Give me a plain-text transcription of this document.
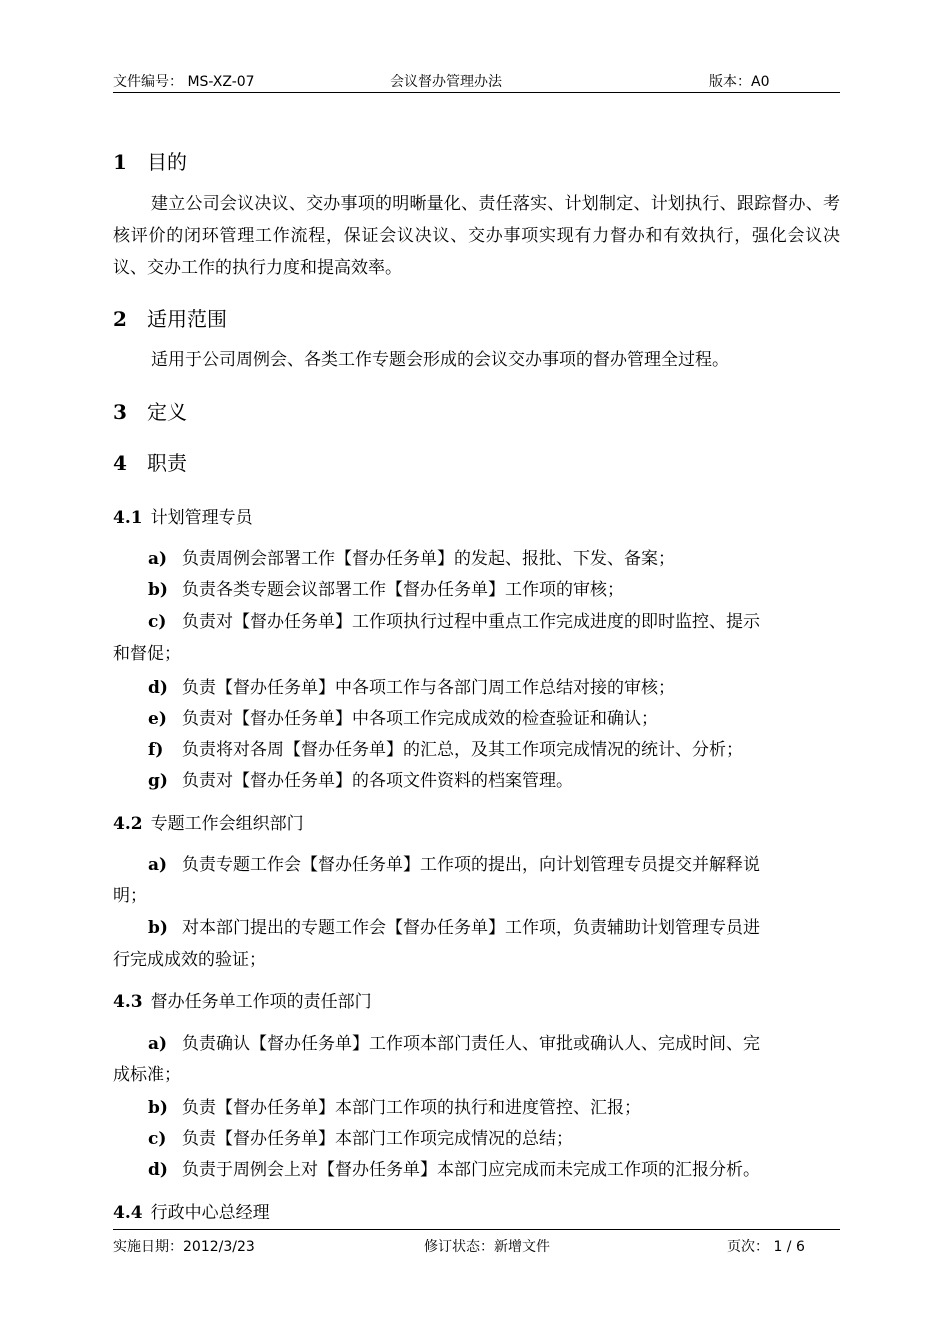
文件编号： MS-XZ-07	会议督办管理办法	版本：A0
1 目的
建立公司会议决议、交办事项的明晰量化、责任落实、计划制定、计划执行、跟踪督办、考核评价的闭环管理工作流程，保证会议决议、交办事项实现有力督办和有效执行，强化会议决议、交办工作的执行力度和提高效率。
2 适用范围
适用于公司周例会、各类工作专题会形成的会议交办事项的督办管理全过程。
3 定义
4 职责
4.1 计划管理专员
a) 负责周例会部署工作【督办任务单】的发起、报批、下发、备案；
b) 负责各类专题会议部署工作【督办任务单】工作项的审核；
c) 负责对【督办任务单】工作项执行过程中重点工作完成进度的即时监控、提示
和督促；
d) 负责【督办任务单】中各项工作与各部门周工作总结对接的审核；
e) 负责对【督办任务单】中各项工作完成成效的检查验证和确认；
f) 负责将对各周【督办任务单】的汇总，及其工作项完成情况的统计、分析；
g) 负责对【督办任务单】的各项文件资料的档案管理。
4.2 专题工作会组织部门
a) 负责专题工作会【督办任务单】工作项的提出，向计划管理专员提交并解释说
明；
b) 对本部门提出的专题工作会【督办任务单】工作项，负责辅助计划管理专员进
行完成成效的验证；
4.3 督办任务单工作项的责任部门
a) 负责确认【督办任务单】工作项本部门责任人、审批或确认人、完成时间、完
成标准；
b) 负责【督办任务单】本部门工作项的执行和进度管控、汇报；
c) 负责【督办任务单】本部门工作项完成情况的总结；
d) 负责于周例会上对【督办任务单】本部门应完成而未完成工作项的汇报分析。
4.4 行政中心总经理
实施日期：2012/3/23	修订状态：新增文件	页次： 1 / 6
